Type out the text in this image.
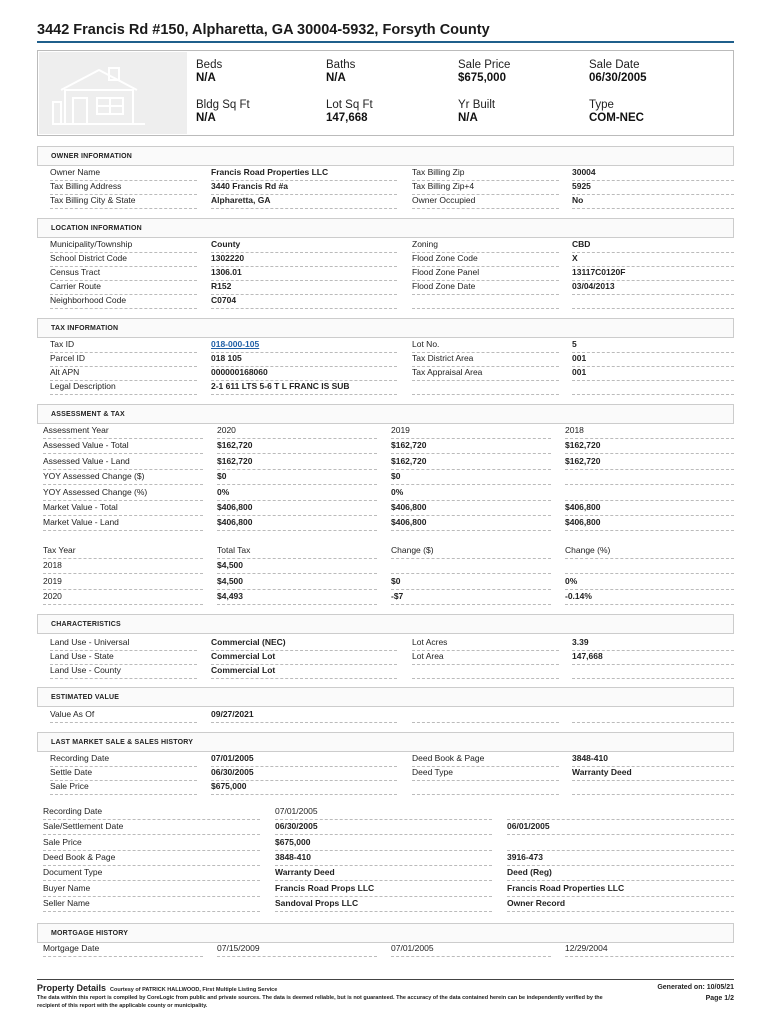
3442 Francis Rd #150, Alpharetta, GA 30004-5932, Forsyth County
Beds
N/A
Baths
N/A
Sale Price
$675,000
Sale Date
06/30/2005
Bldg Sq Ft
N/A
Lot Sq Ft
147,668
Yr Built
N/A
Type
COM-NEC
OWNER INFORMATION
Owner Name	Francis Road Properties LLC	Tax Billing Zip	30004
Tax Billing Address	3440 Francis Rd #a	Tax Billing Zip+4	5925
Tax Billing City & State	Alpharetta, GA	Owner Occupied	No
LOCATION INFORMATION
Municipality/Township	County	Zoning	CBD
School District Code	1302220	Flood Zone Code	X
Census Tract	1306.01	Flood Zone Panel	13117C0120F
Carrier Route	R152	Flood Zone Date	03/04/2013
Neighborhood Code	C0704
TAX INFORMATION
Tax ID	018-000-105	Lot No.	5
Parcel ID	018 105	Tax District Area	001
Alt APN	000000168060	Tax Appraisal Area	001
Legal Description	2-1 611 LTS 5-6 T L FRANC IS SUB
ASSESSMENT & TAX
Assessment Year	2020	2019	2018
Assessed Value - Total	$162,720	$162,720	$162,720
Assessed Value - Land	$162,720	$162,720	$162,720
YOY Assessed Change ($)	$0	$0
YOY Assessed Change (%)	0%	0%
Market Value - Total	$406,800	$406,800	$406,800
Market Value - Land	$406,800	$406,800	$406,800
Tax Year	Total Tax	Change ($)	Change (%)
2018	$4,500
2019	$4,500	$0	0%
2020	$4,493	-$7	-0.14%
CHARACTERISTICS
Land Use - Universal	Commercial (NEC)	Lot Acres	3.39
Land Use - State	Commercial Lot	Lot Area	147,668
Land Use - County	Commercial Lot
ESTIMATED VALUE
Value As Of	09/27/2021
LAST MARKET SALE & SALES HISTORY
Recording Date	07/01/2005	Deed Book & Page	3848-410
Settle Date	06/30/2005	Deed Type	Warranty Deed
Sale Price	$675,000
Recording Date	07/01/2005
Sale/Settlement Date	06/30/2005	06/01/2005
Sale Price	$675,000
Deed Book & Page	3848-410	3916-473
Document Type	Warranty Deed	Deed (Reg)
Buyer Name	Francis Road Props LLC	Francis Road Properties LLC
Seller Name	Sandoval Props LLC	Owner Record
MORTGAGE HISTORY
Mortgage Date	07/15/2009	07/01/2005	12/29/2004
Property Details Courtesy of PATRICK HALLWOOD, First Multiple Listing Service	Generated on: 10/05/21
Page 1/2
The data within this report is compiled by CoreLogic from public and private sources. The data is deemed reliable, but is not guaranteed. The accuracy of the data contained herein can be independently verified by the recipient of this report with the applicable county or municipality.
